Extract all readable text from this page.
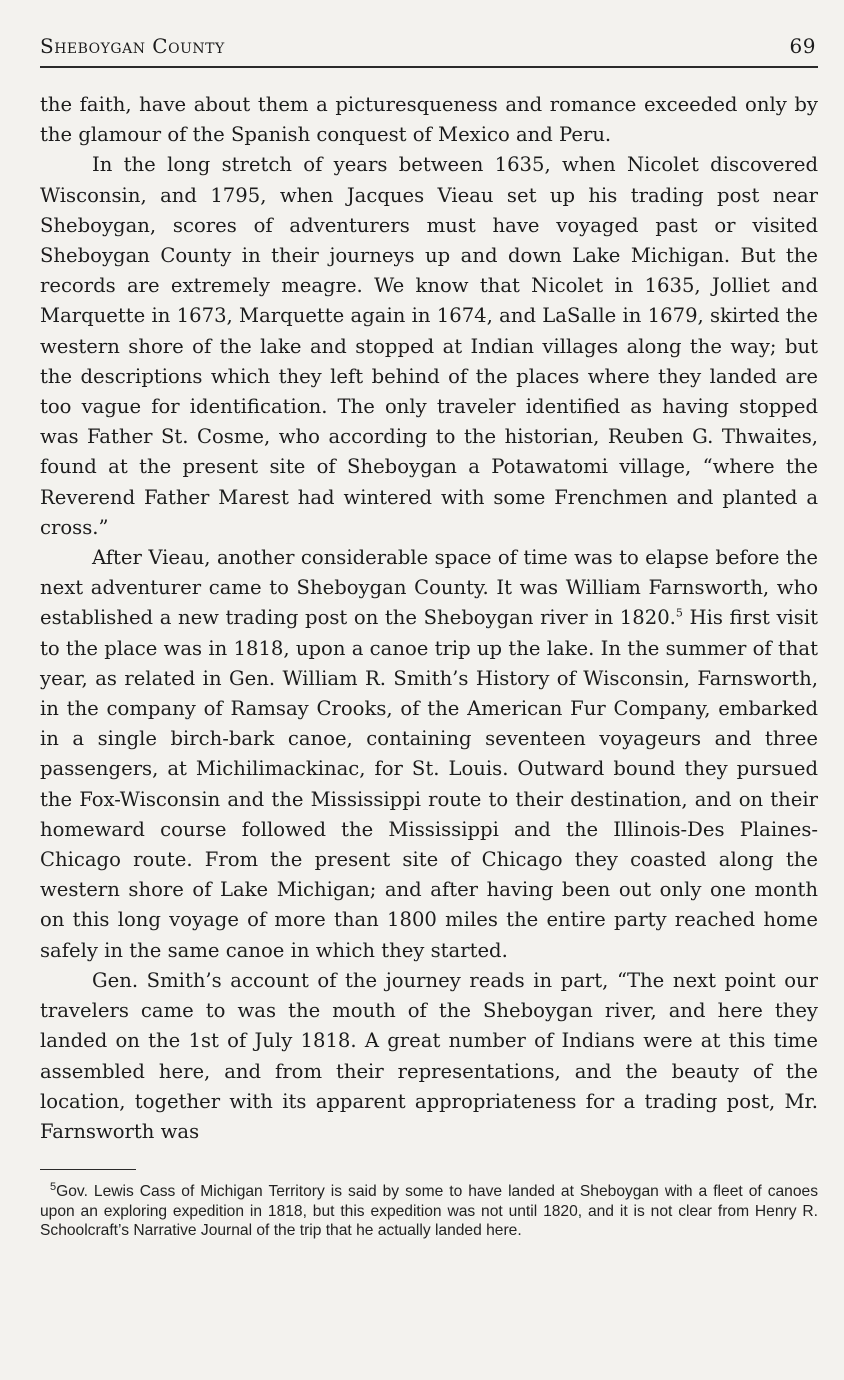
Sheboygan County	69

the faith, have about them a picturesqueness and romance exceeded only by the glamour of the Spanish conquest of Mexico and Peru.

In the long stretch of years between 1635, when Nicolet discovered Wisconsin, and 1795, when Jacques Vieau set up his trading post near Sheboygan, scores of adventurers must have voyaged past or visited Sheboygan County in their journeys up and down Lake Michigan. But the records are extremely meagre. We know that Nicolet in 1635, Jolliet and Marquette in 1673, Marquette again in 1674, and LaSalle in 1679, skirted the western shore of the lake and stopped at Indian villages along the way; but the descriptions which they left behind of the places where they landed are too vague for identification. The only traveler identified as having stopped was Father St. Cosme, who according to the historian, Reuben G. Thwaites, found at the present site of Sheboygan a Potawatomi village, “where the Reverend Father Marest had wintered with some Frenchmen and planted a cross.”

After Vieau, another considerable space of time was to elapse before the next adventurer came to Sheboygan County. It was William Farnsworth, who established a new trading post on the Sheboygan river in 1820.$^5$ His first visit to the place was in 1818, upon a canoe trip up the lake. In the summer of that year, as related in Gen. William R. Smith’s History of Wisconsin, Farnsworth, in the company of Ramsay Crooks, of the American Fur Company, embarked in a single birch-bark canoe, containing seventeen voyageurs and three passengers, at Michilimackinac, for St. Louis. Outward bound they pursued the Fox-Wisconsin and the Mississippi route to their destination, and on their homeward course followed the Mississippi and the Illinois-Des Plaines-Chicago route. From the present site of Chicago they coasted along the western shore of Lake Michigan; and after having been out only one month on this long voyage of more than 1800 miles the entire party reached home safely in the same canoe in which they started.

Gen. Smith’s account of the journey reads in part, “The next point our travelers came to was the mouth of the Sheboygan river, and here they landed on the 1st of July 1818. A great number of Indians were at this time assembled here, and from their representations, and the beauty of the location, together with its apparent appropriateness for a trading post, Mr. Farnsworth was

$^5$Gov. Lewis Cass of Michigan Territory is said by some to have landed at Sheboygan with a fleet of canoes upon an exploring expedition in 1818, but this expedition was not until 1820, and it is not clear from Henry R. Schoolcraft’s Narrative Journal of the trip that he actually landed here.
